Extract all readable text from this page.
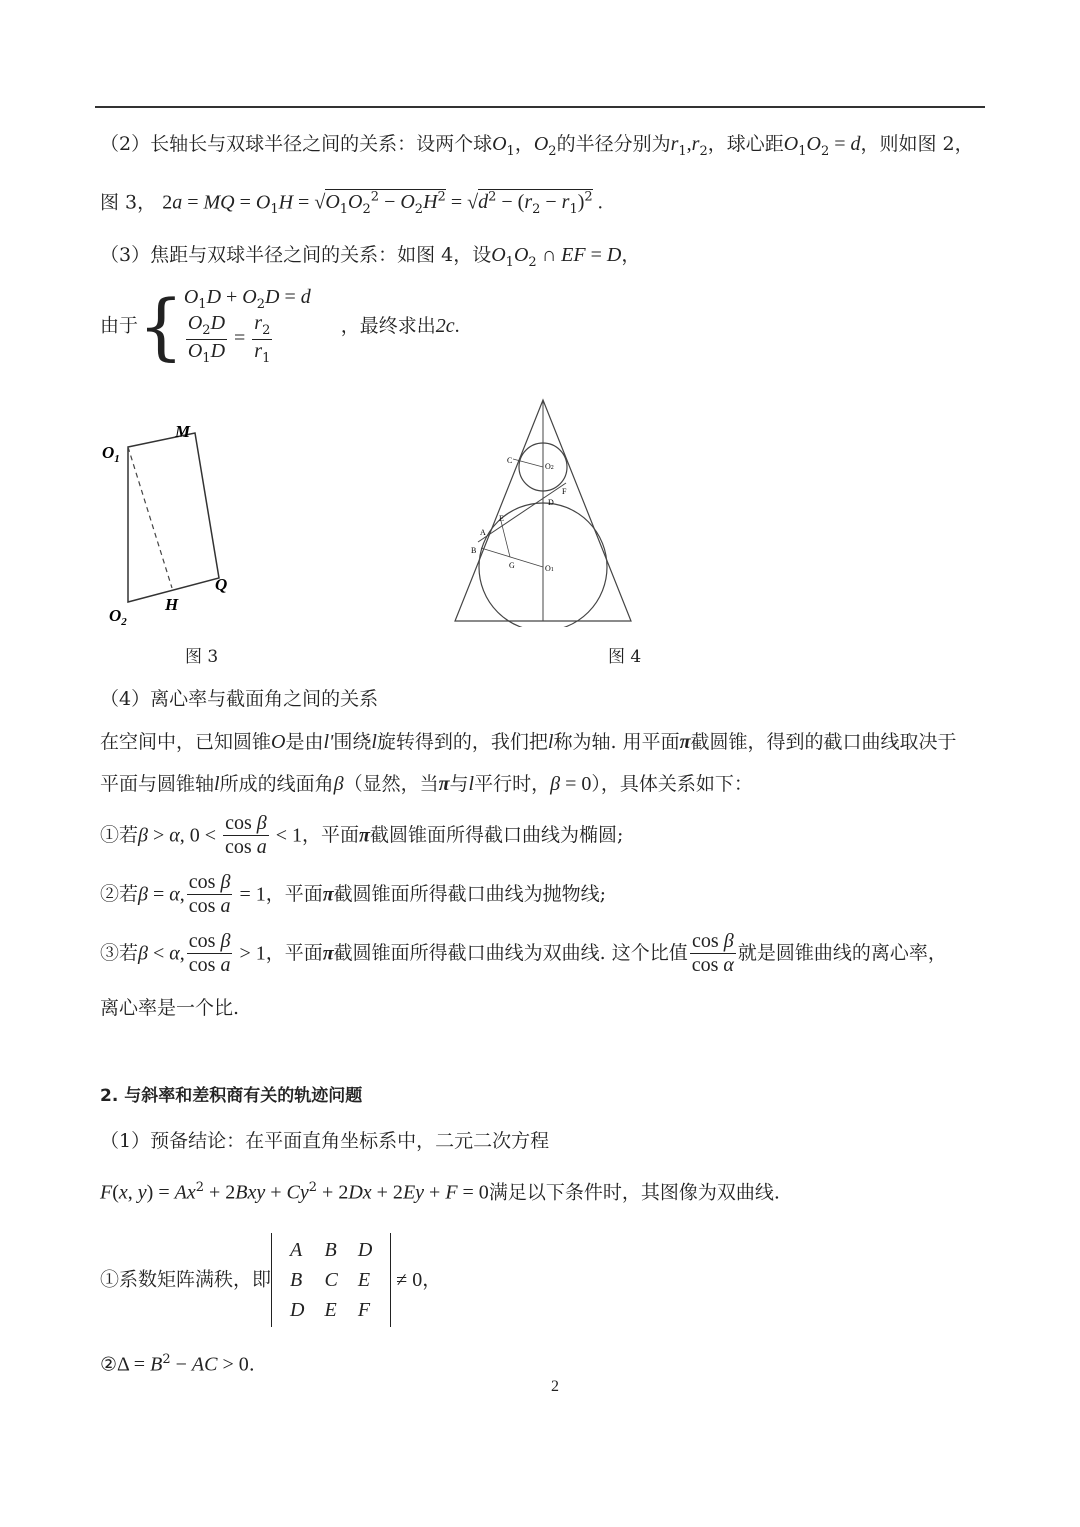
（2）长轴长与双球半径之间的关系：设两个球$O_1$，$O_2$的半径分别为$r_1,r_2$，球心距$O_1O_2 = d$，则如图 2，
图 3， 2a = MQ = $O_1H = √O_1O_2^2 - O_2H^2 = √d^2 - (r_2 - r_1)^2$ .
（3）焦距与双球半径之间的关系：如图 4，设$O_1O_2$ ∩ EF = D，
由于{ $O_1D + O_2D = d$
$\frac{O_2D}{O_1D} = \frac{r_2}{r_1}$	，最终求出2c.
$O_1$
M
Q
H
$O_2$
图 3
C
O2
F
D
E
A
B
G	O1
图 4
（4）离心率与截面角之间的关系
在空间中，已知圆锥O是由l'围绕l旋转得到的，我们把l称为轴. 用平面π截圆锥，得到的截口曲线取决于
平面与圆锥轴l所成的线面角β（显然，当π与l平行时，β = 0），具体关系如下：
①若β > α, $0 < \frac{\text{cos β}}{\text{cos a}} < 1$，平面π截圆锥面所得截口曲线为椭圆;
②若β = α, $\frac{\text{cos β}}{\text{cos a}} = 1$，平面π截圆锥面所得截口曲线为抛物线;
③若β < α, $\frac{\text{cos β}}{\text{cos a}} > 1$，平面π截圆锥面所得截口曲线为双曲线. 这个比值 $\frac{\text{cos β}}{\text{cos α}}$ 就是圆锥曲线的离心率，
离心率是一个比.
2. 与斜率和差积商有关的轨迹问题
（1）预备结论：在平面直角坐标系中，二元二次方程
F(x, $y) = Ax^2 + 2Bxy + Cy^2 + 2Dx + 2Ey + F = 0$满足以下条件时，其图像为双曲线.
①系数矩阵满秩，即
A	B	D
B	C	E
D	E	F
≠ 0，
②Δ = $B^2$ − AC > 0.
2
